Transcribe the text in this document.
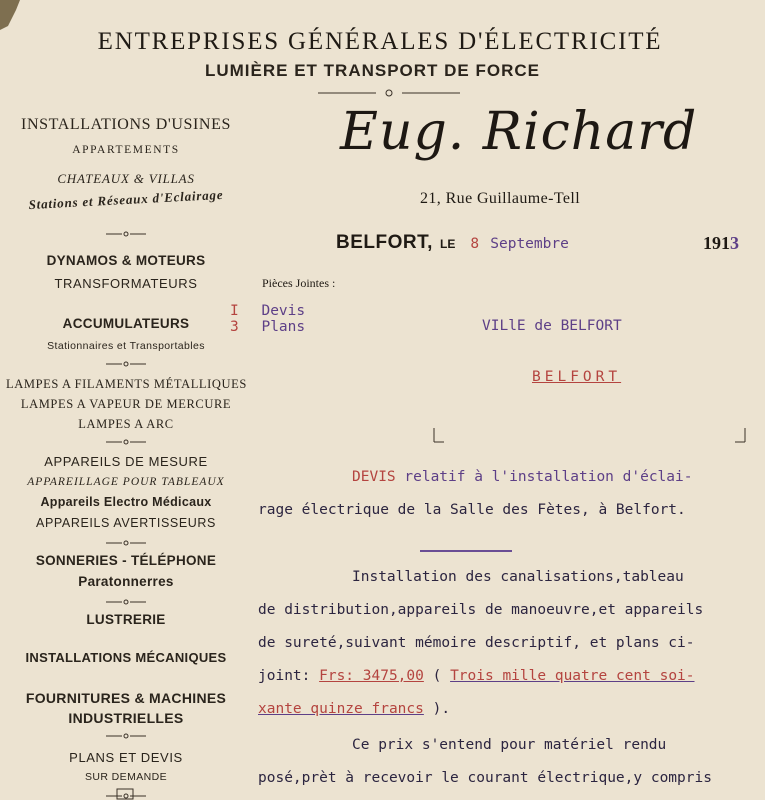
ENTREPRISES GÉNÉRALES D'ÉLECTRICITÉ
LUMIÈRE ET TRANSPORT DE FORCE
INSTALLATIONS D'USINES
APPARTEMENTS
CHATEAUX & VILLAS
Stations et Réseaux d'Eclairage
DYNAMOS & MOTEURS
TRANSFORMATEURS
ACCUMULATEURS
Stationnaires et Transportables
LAMPES A FILAMENTS MÉTALLIQUES
LAMPES A VAPEUR DE MERCURE
LAMPES A ARC
APPAREILS DE MESURE
APPAREILLAGE POUR TABLEAUX
Appareils Electro Médicaux
APPAREILS AVERTISSEURS
SONNERIES - TÉLÉPHONE
Paratonnerres
LUSTRERIE
INSTALLATIONS MÉCANIQUES
FOURNITURES & MACHINES
INDUSTRIELLES
PLANS ET DEVIS
SUR DEMANDE
Eug. Richard
21, Rue Guillaume-Tell
BELFORT, LE 8 Septembre	1913
Pièces Jointes :
I Devis
3 Plans	VILlE de BELFORT
BELFORT
DEVIS relatif à l'installation d'éclai-
rage électrique de la Salle des Fètes, à Belfort.
Installation des canalisations,tableau
de distribution,appareils de manoeuvre,et appareils
de sureté,suivant mémoire descriptif, et plans ci-
joint: Frs: 3475,00 ( Trois mille quatre cent soi-
xante quinze francs ).
Ce prix s'entend pour matériel rendu
posé,prèt à recevoir le courant électrique,y compris
